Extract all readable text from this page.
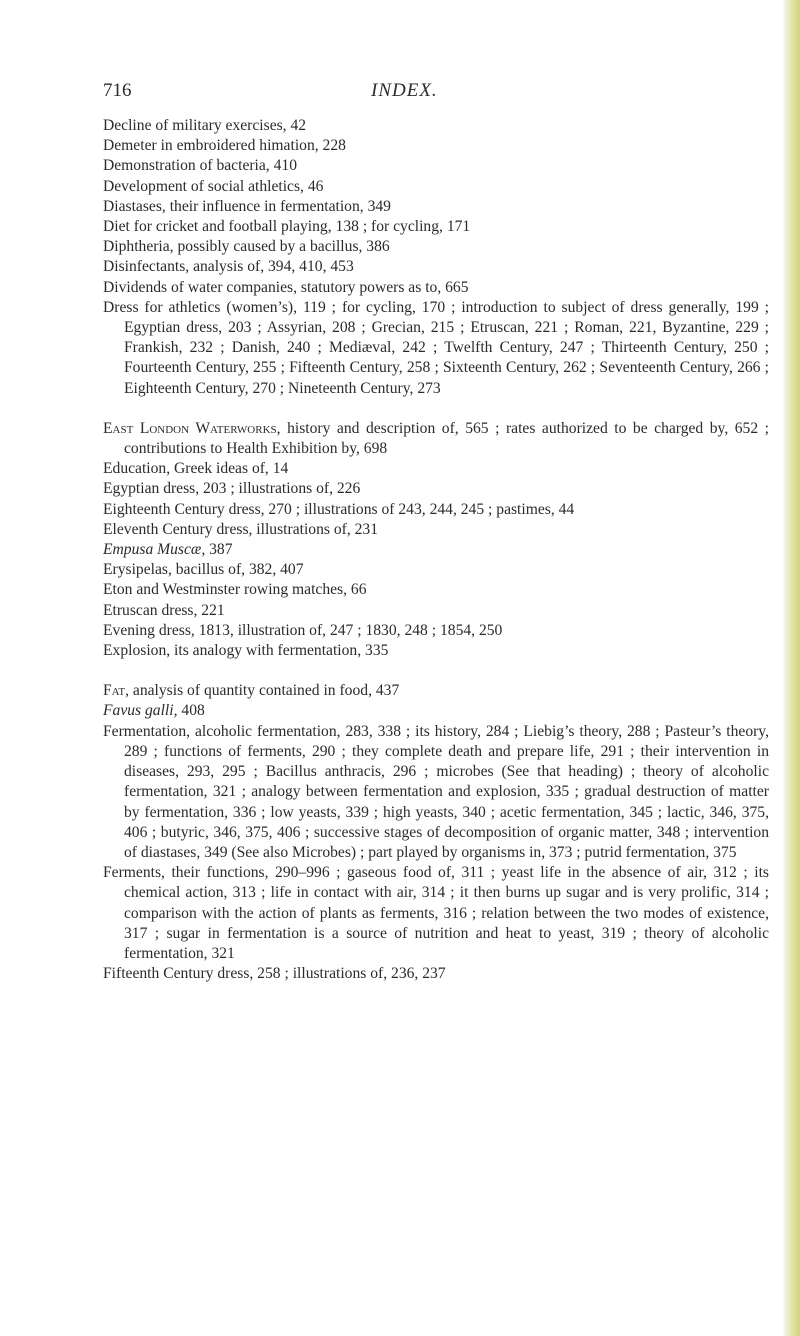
716	INDEX.
Decline of military exercises, 42
Demeter in embroidered himation, 228
Demonstration of bacteria, 410
Development of social athletics, 46
Diastases, their influence in fermentation, 349
Diet for cricket and football playing, 138 ; for cycling, 171
Diphtheria, possibly caused by a bacillus, 386
Disinfectants, analysis of, 394, 410, 453
Dividends of water companies, statutory powers as to, 665
Dress for athletics (women’s), 119 ; for cycling, 170 ; introduction to subject of dress generally, 199 ; Egyptian dress, 203 ; Assyrian, 208 ; Grecian, 215 ; Etruscan, 221 ; Roman, 221, Byzantine, 229 ; Frankish, 232 ; Danish, 240 ; Mediæval, 242 ; Twelfth Century, 247 ; Thirteenth Century, 250 ; Fourteenth Century, 255 ; Fifteenth Century, 258 ; Sixteenth Century, 262 ; Seventeenth Century, 266 ; Eighteenth Century, 270 ; Nineteenth Century, 273
East London Waterworks, history and description of, 565 ; rates authorized to be charged by, 652 ; contributions to Health Exhibition by, 698
Education, Greek ideas of, 14
Egyptian dress, 203 ; illustrations of, 226
Eighteenth Century dress, 270 ; illustrations of 243, 244, 245 ; pastimes, 44
Eleventh Century dress, illustrations of, 231
Empusa Muscæ, 387
Erysipelas, bacillus of, 382, 407
Eton and Westminster rowing matches, 66
Etruscan dress, 221
Evening dress, 1813, illustration of, 247 ; 1830, 248 ; 1854, 250
Explosion, its analogy with fermentation, 335
Fat, analysis of quantity contained in food, 437
Favus galli, 408
Fermentation, alcoholic fermentation, 283, 338 ; its history, 284 ; Liebig’s theory, 288 ; Pasteur’s theory, 289 ; functions of ferments, 290 ; they complete death and prepare life, 291 ; their intervention in diseases, 293, 295 ; Bacillus anthracis, 296 ; microbes (See that heading) ; theory of alcoholic fermentation, 321 ; analogy between fermentation and explosion, 335 ; gradual destruction of matter by fermentation, 336 ; low yeasts, 339 ; high yeasts, 340 ; acetic fermentation, 345 ; lactic, 346, 375, 406 ; butyric, 346, 375, 406 ; successive stages of decomposition of organic matter, 348 ; intervention of diastases, 349 (See also Microbes) ; part played by organisms in, 373 ; putrid fermentation, 375
Ferments, their functions, 290–996 ; gaseous food of, 311 ; yeast life in the absence of air, 312 ; its chemical action, 313 ; life in contact with air, 314 ; it then burns up sugar and is very prolific, 314 ; comparison with the action of plants as ferments, 316 ; relation between the two modes of existence, 317 ; sugar in fermentation is a source of nutrition and heat to yeast, 319 ; theory of alcoholic fermentation, 321
Fifteenth Century dress, 258 ; illustrations of, 236, 237
